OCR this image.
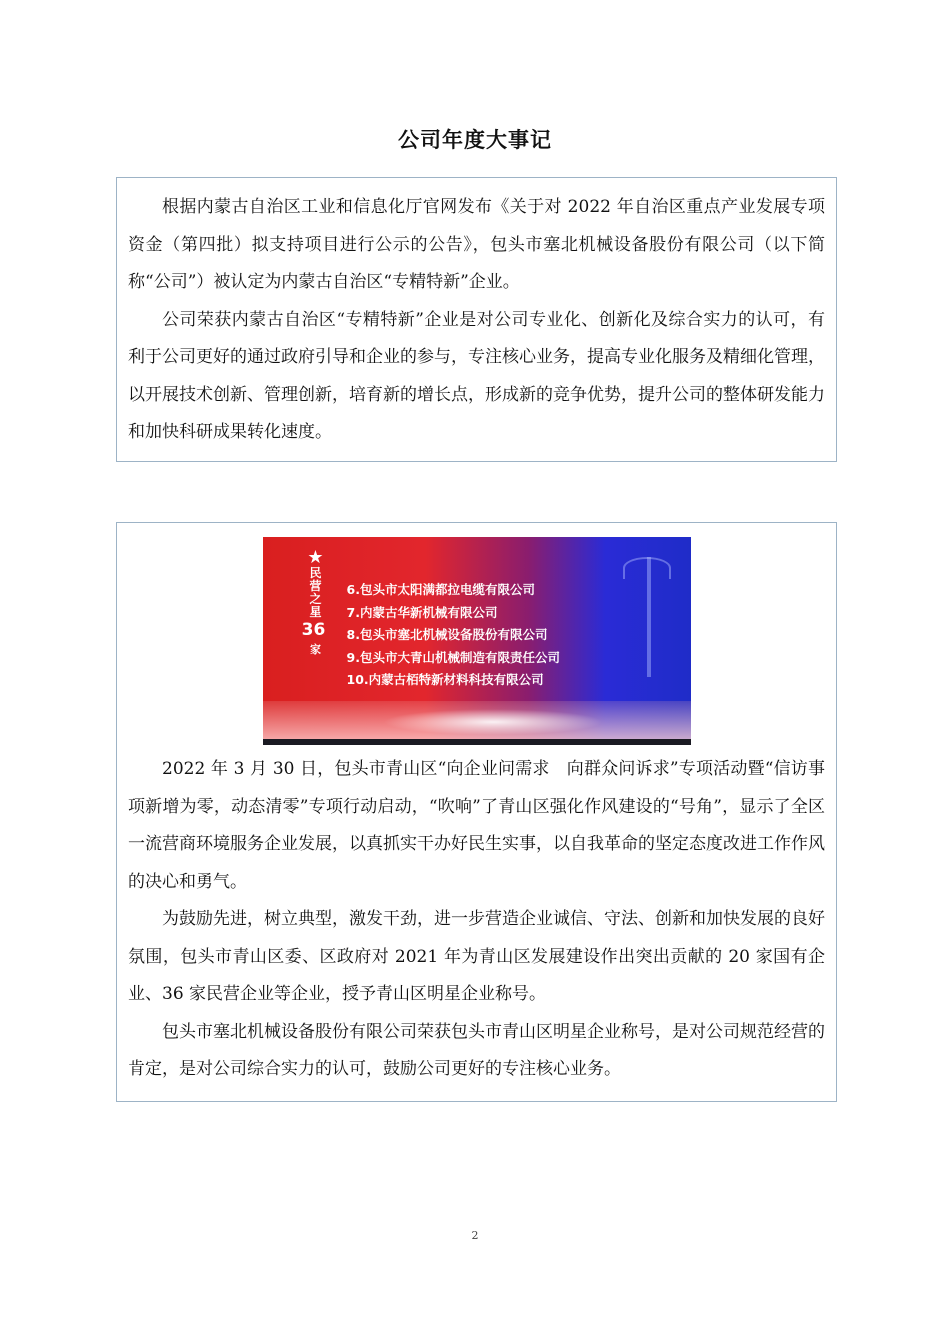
公司年度大事记

根据内蒙古自治区工业和信息化厅官网发布《关于对 2022 年自治区重点产业发展专项资金（第四批）拟支持项目进行公示的公告》，包头市塞北机械设备股份有限公司（以下简称“公司”）被认定为内蒙古自治区“专精特新”企业。

公司荣获内蒙古自治区“专精特新”企业是对公司专业化、创新化及综合实力的认可，有利于公司更好的通过政府引导和企业的参与，专注核心业务，提高专业化服务及精细化管理，以开展技术创新、管理创新，培育新的增长点，形成新的竞争优势，提升公司的整体研发能力和加快科研成果转化速度。

★
民
营
之
星
36
家
6.包头市太阳满都拉电缆有限公司
7.内蒙古华新机械有限公司
8.包头市塞北机械设备股份有限公司
9.包头市大青山机械制造有限责任公司
10.内蒙古栢特新材料科技有限公司

2022 年 3 月 30 日，包头市青山区“向企业问需求　向群众问诉求”专项活动暨“信访事项新增为零，动态清零”专项行动启动，“吹响”了青山区强化作风建设的“号角”，显示了全区一流营商环境服务企业发展，以真抓实干办好民生实事，以自我革命的坚定态度改进工作作风的决心和勇气。

为鼓励先进，树立典型，激发干劲，进一步营造企业诚信、守法、创新和加快发展的良好氛围，包头市青山区委、区政府对 2021 年为青山区发展建设作出突出贡献的 20 家国有企业、36 家民营企业等企业，授予青山区明星企业称号。

包头市塞北机械设备股份有限公司荣获包头市青山区明星企业称号，是对公司规范经营的肯定，是对公司综合实力的认可，鼓励公司更好的专注核心业务。

2
